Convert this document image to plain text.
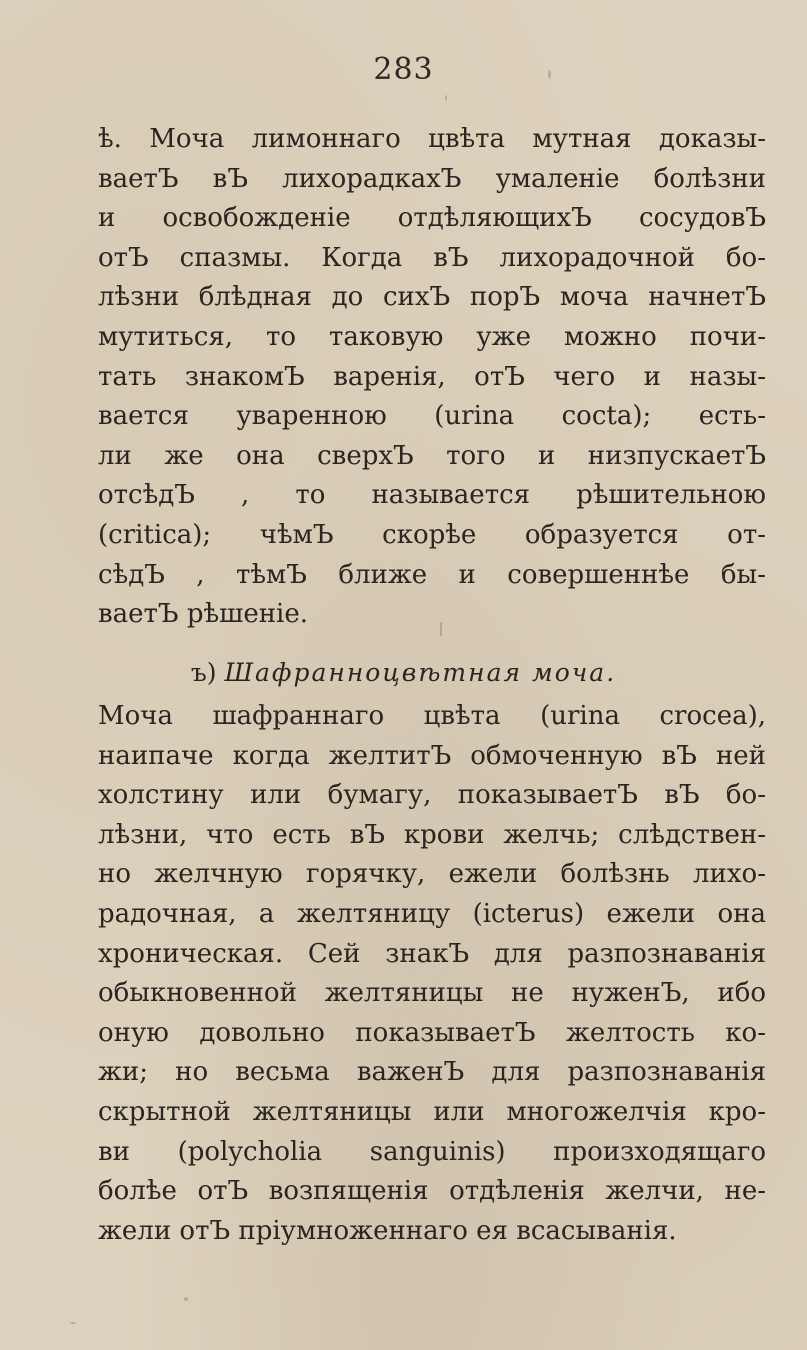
283
ѣ. Моча лимоннаго цвѣта мутная доказы-
ваетЪ вЪ лихорадкахЪ умаленіе болѣзни
и освобожденіе отдѣляющихЪ сосудовЪ
отЪ спазмы. Когда вЪ лихорадочной бо-
лѣзни блѣдная до сихЪ порЪ моча начнетЪ
мутиться, то таковую уже можно почи-
тать знакомЪ варенія, отЪ чего и назы-
вается уваренною (urina cocta); есть-
ли же она сверхЪ того и низпускаетЪ
отсѣдЪ , то называется рѣшительною
(critica); чѣмЪ скорѣе образуется от-
сѣдЪ , тѣмЪ ближе и совершеннѣе бы-
ваетЪ рѣшеніе.
ъ) Шафранноцвѣтная моча.
Моча шафраннаго цвѣта (urina crocea),
наипаче когда желтитЪ обмоченную вЪ ней
холстину или бумагу, показываетЪ вЪ бо-
лѣзни, что есть вЪ крови желчь; слѣдствен-
но желчную горячку, ежели болѣзнь лихо-
радочная, а желтяницу (icterus) ежели она
хроническая. Сей знакЪ для разпознаванія
обыкновенной желтяницы не нуженЪ, ибо
оную довольно показываетЪ желтость ко-
жи; но весьма важенЪ для разпознаванія
скрытной желтяницы или многожелчія кро-
ви (polycholia sanguinis) произходящаго
болѣе отЪ возпященія отдѣленія желчи, не-
жели отЪ пріумноженнаго ея всасыванія.
